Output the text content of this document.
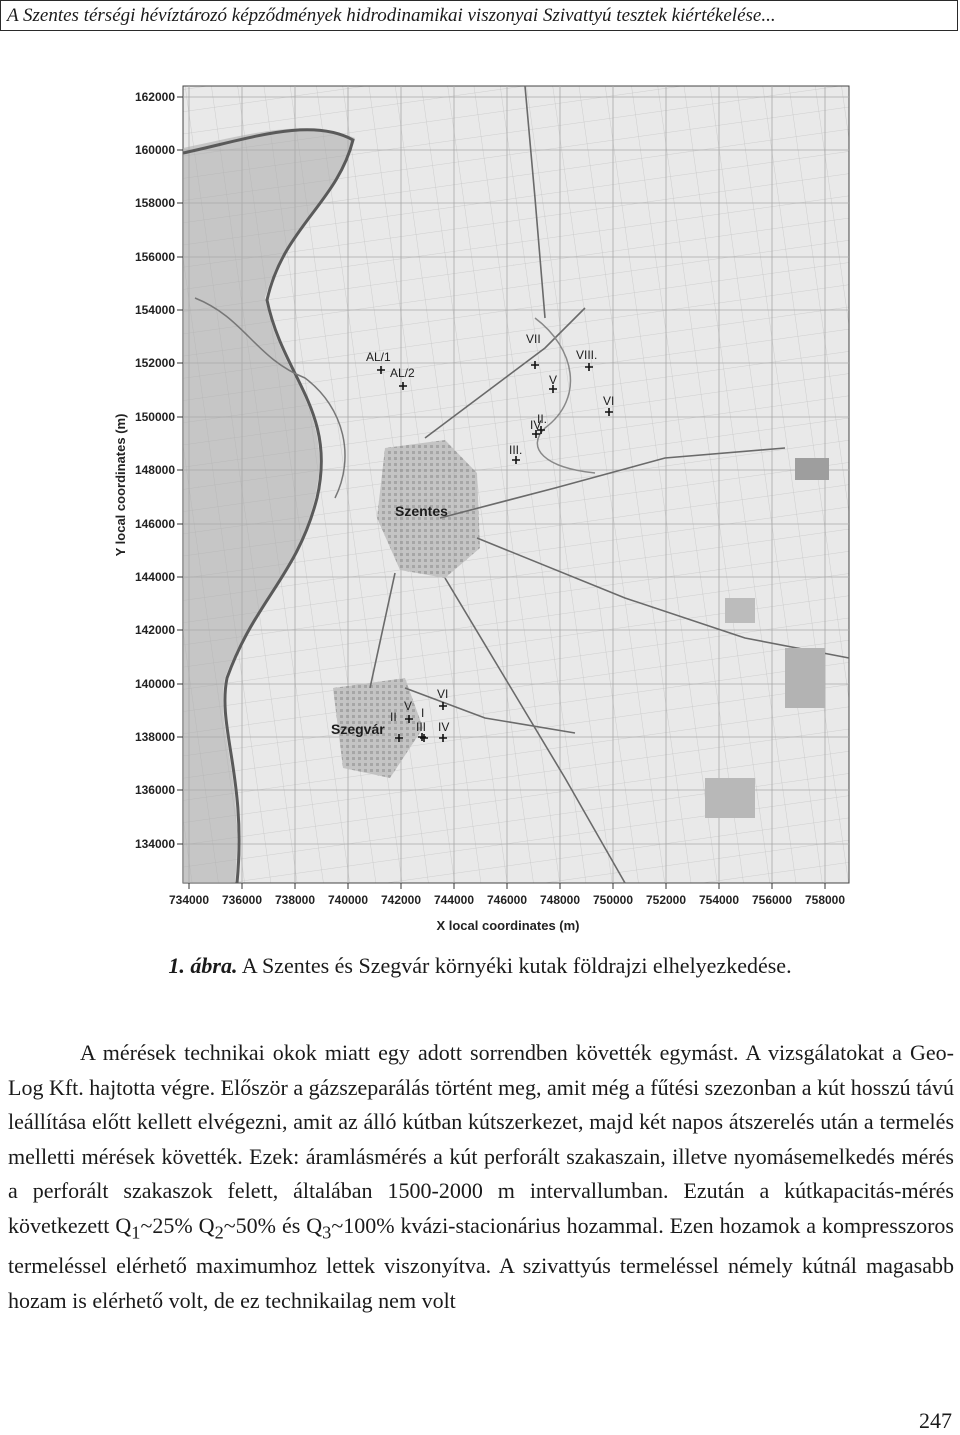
A Szentes térségi hévíztározó képződmények hidrodinamikai viszonyai Szivattyú tesztek kiértékelése...
Szentes
Szegvár
AL/1
AL/2
VII
VIII.
V
VI
II.
IV
III.
VI
V
II I
III IV
162000
160000
158000
156000
154000
152000
150000
148000
146000
144000
142000
140000
138000
136000
134000
734000 736000 738000 740000 742000 744000 746000 748000 750000 752000 754000 756000 758000
X local coordinates (m)
Y local coordinates (m)
1. ábra. A Szentes és Szegvár környéki kutak földrajzi elhelyezkedése.

A mérések technikai okok miatt egy adott sorrendben követték egymást. A vizsgálatokat a Geo-Log Kft. hajtotta végre. Először a gázszeparálás történt meg, amit még a fűtési szezonban a kút hosszú távú leállítása előtt kellett elvégezni, amit az álló kútban kútszerkezet, majd két napos átszerelés után a termelés melletti mérések követték. Ezek: áramlásmérés a kút perforált szakaszain, illetve nyomásemelkedés mérés a perforált szakaszok felett, általában 1500-2000 m intervallumban. Ezután a kútkapacitás-mérés következett $Q_1\sim 25\%$ $Q_2\sim 50\%$ és $Q_3\sim 100\%$ kvázi-stacionárius hozammal. Ezen hozamok a kompresszoros termeléssel elérhető maximumhoz lettek viszonyítva. A szivattyús termeléssel némely kútnál magasabb hozam is elérhető volt, de ez technikailag nem volt

247
